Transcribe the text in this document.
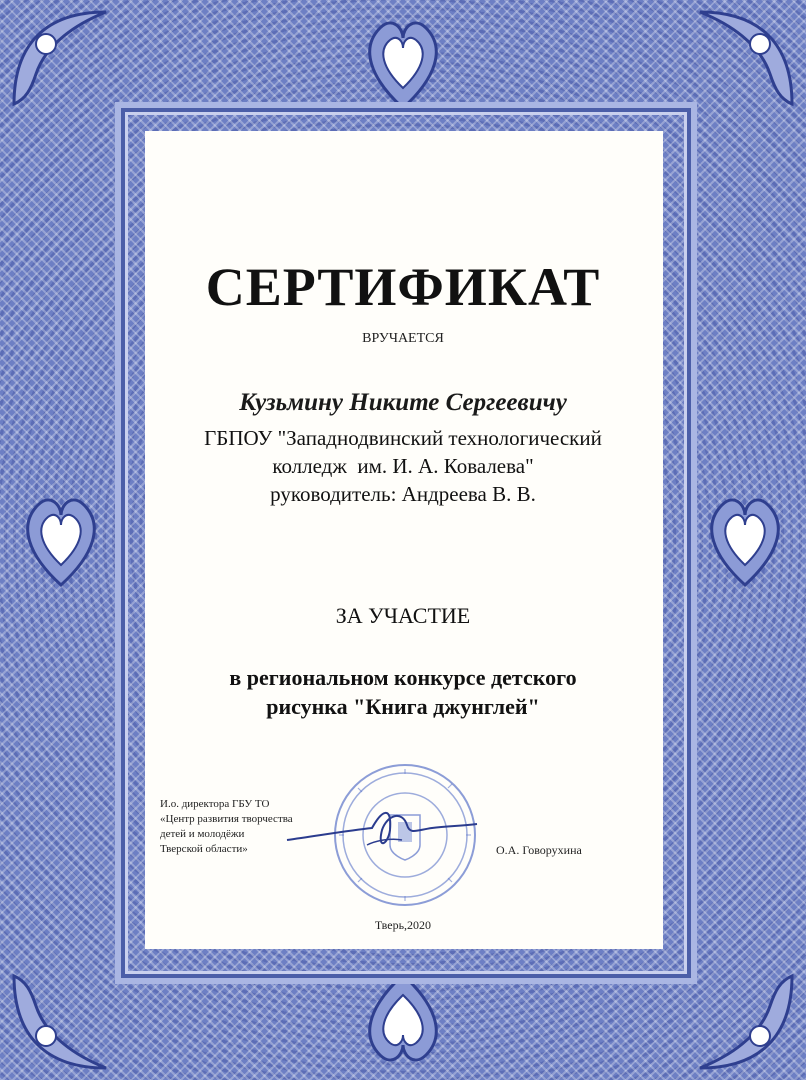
СЕРТИФИКАТ
ВРУЧАЕТСЯ
Кузьмину Никите Сергеевичу
ГБПОУ "Западнодвинский технологический
колледж  им. И. А. Ковалева"
руководитель: Андреева В. В.
ЗА УЧАСТИЕ
в региональном конкурсе детского
рисунка "Книга джунглей"
И.о. директора ГБУ ТО
«Центр развития творчества
детей и молодёжи
Тверской области»	О.А. Говорухина
Тверь,2020
